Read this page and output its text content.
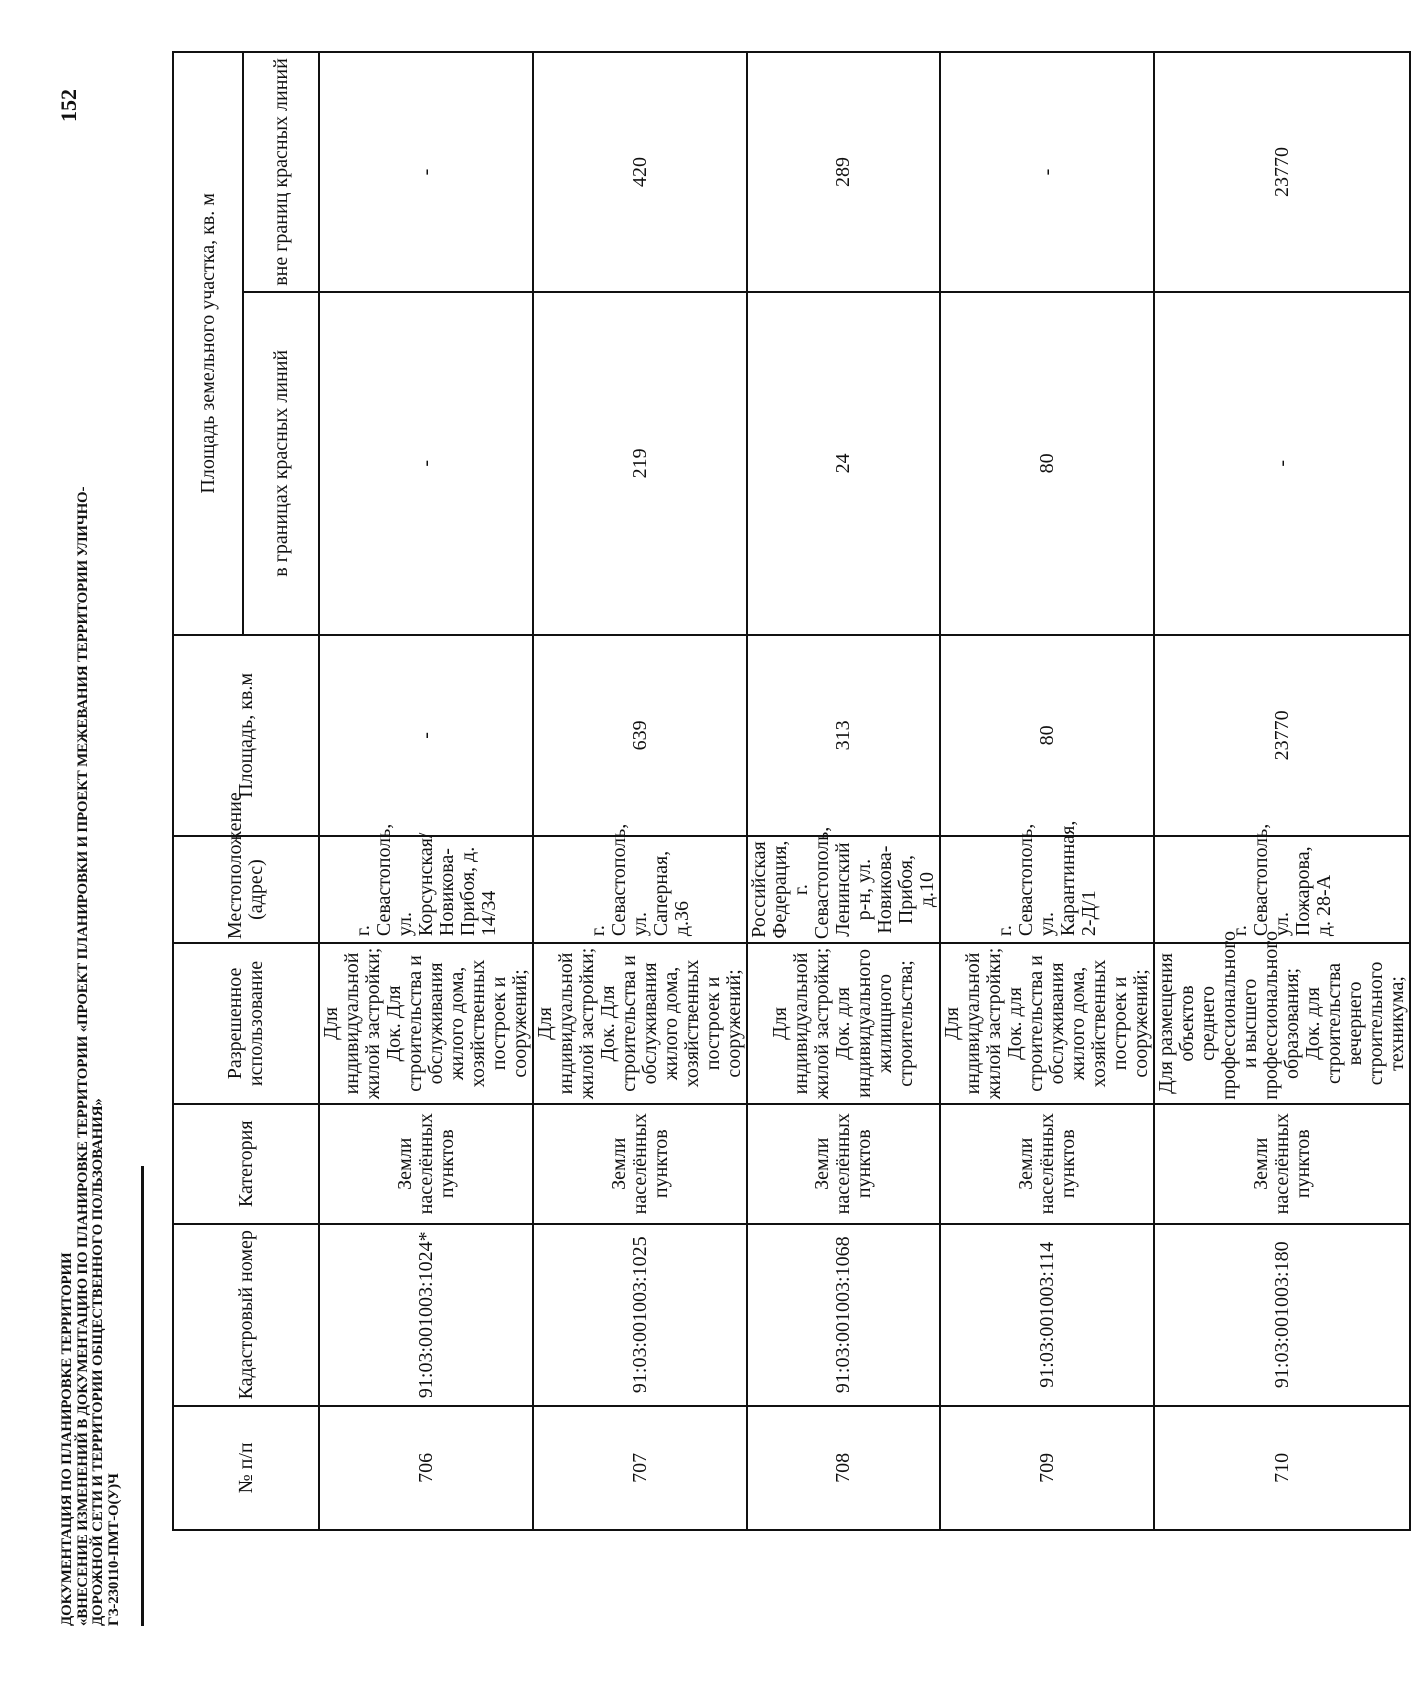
ДОКУМЕНТАЦИЯ ПО ПЛАНИРОВКЕ ТЕРРИТОРИИ «ВНЕСЕНИЕ ИЗМЕНЕНИЙ В ДОКУМЕНТАЦИЮ ПО ПЛАНИРОВКЕ ТЕРРИТОРИИ «ПРОЕКТ ПЛАНИРОВКИ И ПРОЕКТ МЕЖЕВАНИЯ ТЕРРИТОРИИ УЛИЧНО- ДОРОЖНОЙ СЕТИ И ТЕРРИТОРИИ ОБЩЕСТВЕННОГО ПОЛЬЗОВАНИЯ» ГЗ-230110-ПМТ-О(У)Ч
152
№ п/п	Кадастровый номер	Категория	Разрешенное использование	Местоположение (адрес)	Площадь, кв.м	Площадь земельного участка, кв. м	
						в границах красных линий	вне границ красных линий
706	91:03:001003:1024*	Земли населённых пунктов	Для индивидуальной жилой застройки; Док. Для строительства и обслуживания жилого дома, хозяйственных построек и сооружений;	г. Севастополь, ул. Корсунская/Новикова-Прибоя, д. 14/34	-	-	-
707	91:03:001003:1025	Земли населённых пунктов	Для индивидуальной жилой застройки; Док. Для строительства и обслуживания жилого дома, хозяйственных построек и сооружений;	г. Севастополь, ул. Саперная, д.36	639	219	420
708	91:03:001003:1068	Земли населённых пунктов	Для индивидуальной жилой застройки; Док. для индивидуального жилищного строительства;	Российская Федерация, г. Севастополь, Ленинский р-н, ул. Новикова-Прибоя, д.10	313	24	289
709	91:03:001003:114	Земли населённых пунктов	Для индивидуальной жилой застройки; Док. для строительства и обслуживания жилого дома, хозяйственных построек и сооружений;	г. Севастополь, ул. Карантинная, 2-Д/1	80	80	-
710	91:03:001003:180	Земли населённых пунктов	Для размещения объектов среднего профессионального и высшего профессионального образования; Док. для строительства вечернего строительного техникума;	г. Севастополь, ул. Пожарова, д. 28-А	23770	-	23770
